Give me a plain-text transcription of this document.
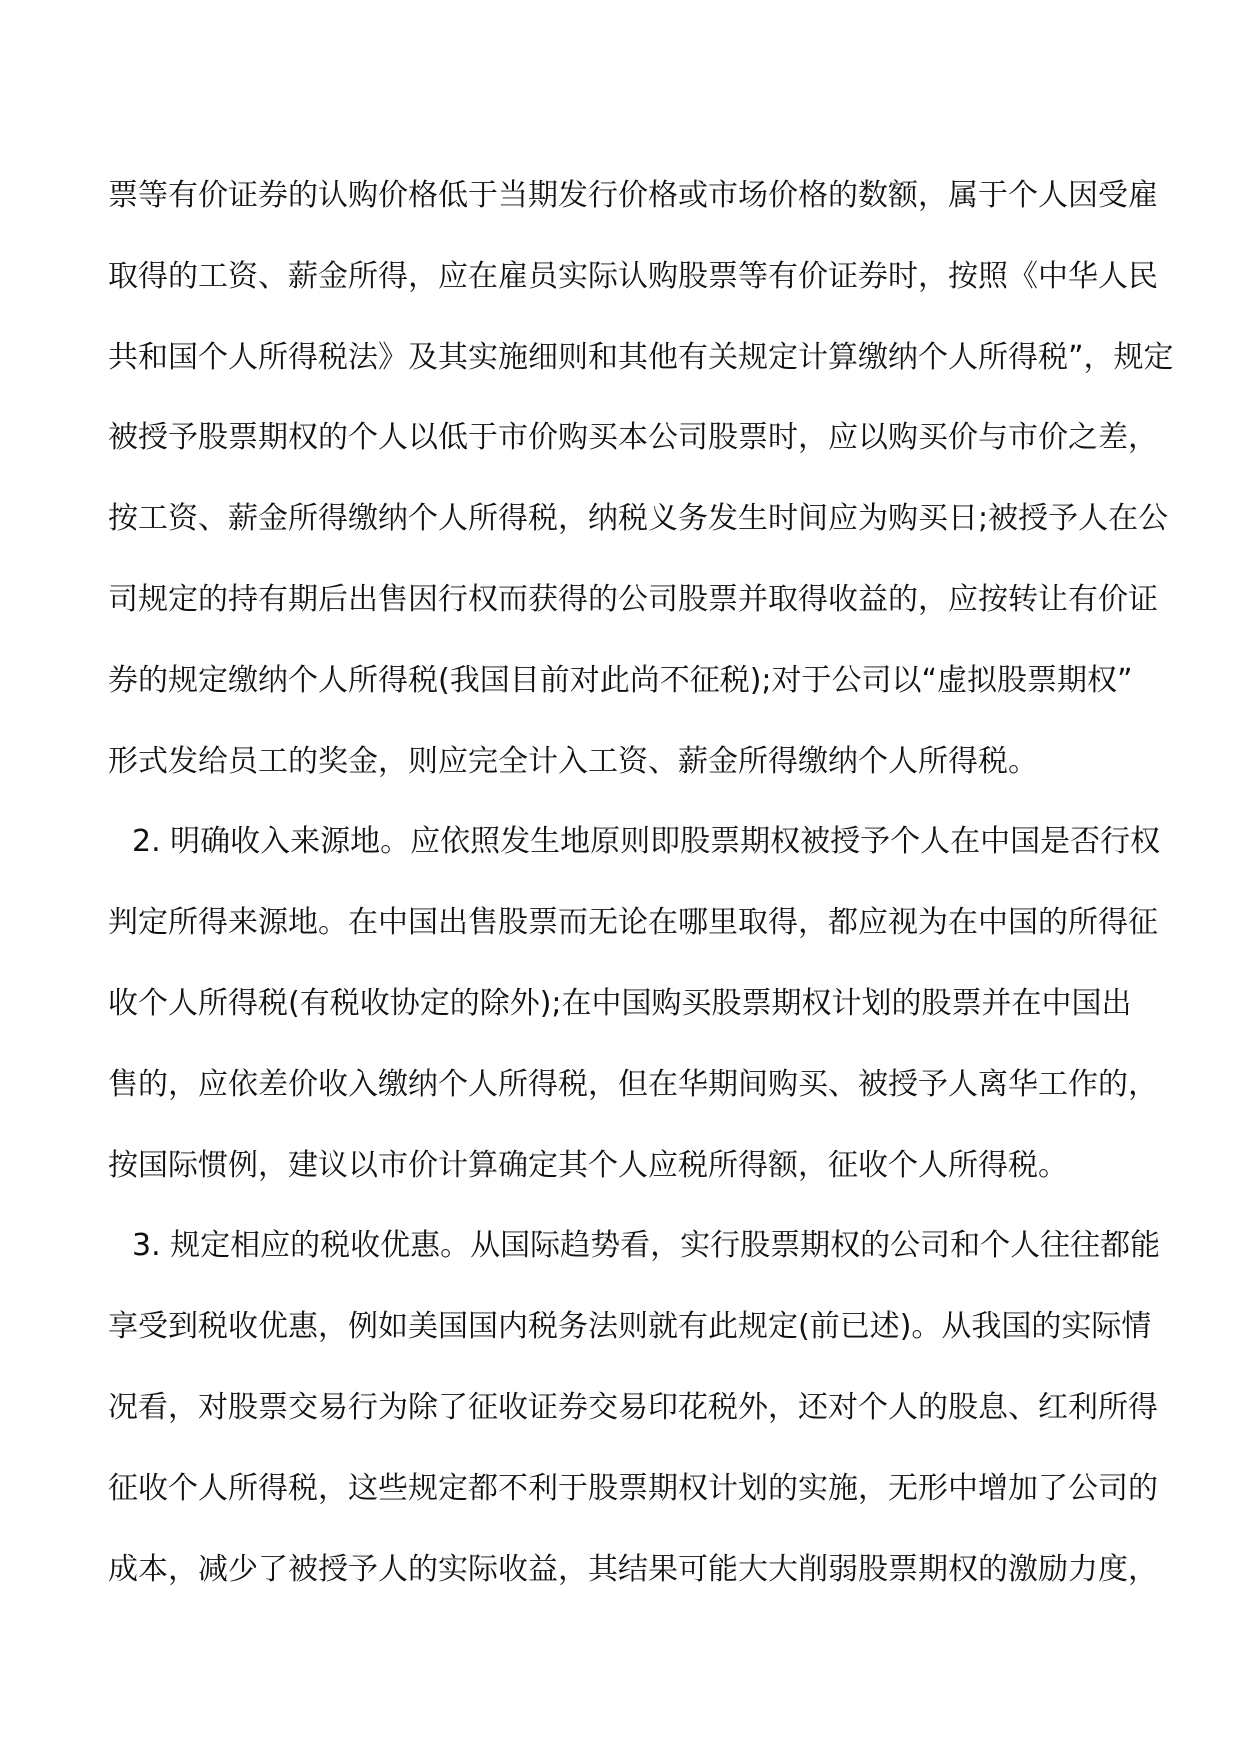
票等有价证券的认购价格低于当期发行价格或市场价格的数额，属于个人因受雇
取得的工资、薪金所得，应在雇员实际认购股票等有价证券时，按照《中华人民
共和国个人所得税法》及其实施细则和其他有关规定计算缴纳个人所得税”，规定
被授予股票期权的个人以低于市价购买本公司股票时，应以购买价与市价之差，
按工资、薪金所得缴纳个人所得税，纳税义务发生时间应为购买日;被授予人在公
司规定的持有期后出售因行权而获得的公司股票并取得收益的，应按转让有价证
券的规定缴纳个人所得税(我国目前对此尚不征税);对于公司以“虚拟股票期权”
形式发给员工的奖金，则应完全计入工资、薪金所得缴纳个人所得税。
2. 明确收入来源地。应依照发生地原则即股票期权被授予个人在中国是否行权
判定所得来源地。在中国出售股票而无论在哪里取得，都应视为在中国的所得征
收个人所得税(有税收协定的除外);在中国购买股票期权计划的股票并在中国出
售的，应依差价收入缴纳个人所得税，但在华期间购买、被授予人离华工作的，
按国际惯例，建议以市价计算确定其个人应税所得额，征收个人所得税。
3. 规定相应的税收优惠。从国际趋势看，实行股票期权的公司和个人往往都能
享受到税收优惠，例如美国国内税务法则就有此规定(前已述)。从我国的实际情
况看，对股票交易行为除了征收证券交易印花税外，还对个人的股息、红利所得
征收个人所得税，这些规定都不利于股票期权计划的实施，无形中增加了公司的
成本，减少了被授予人的实际收益，其结果可能大大削弱股票期权的激励力度，
